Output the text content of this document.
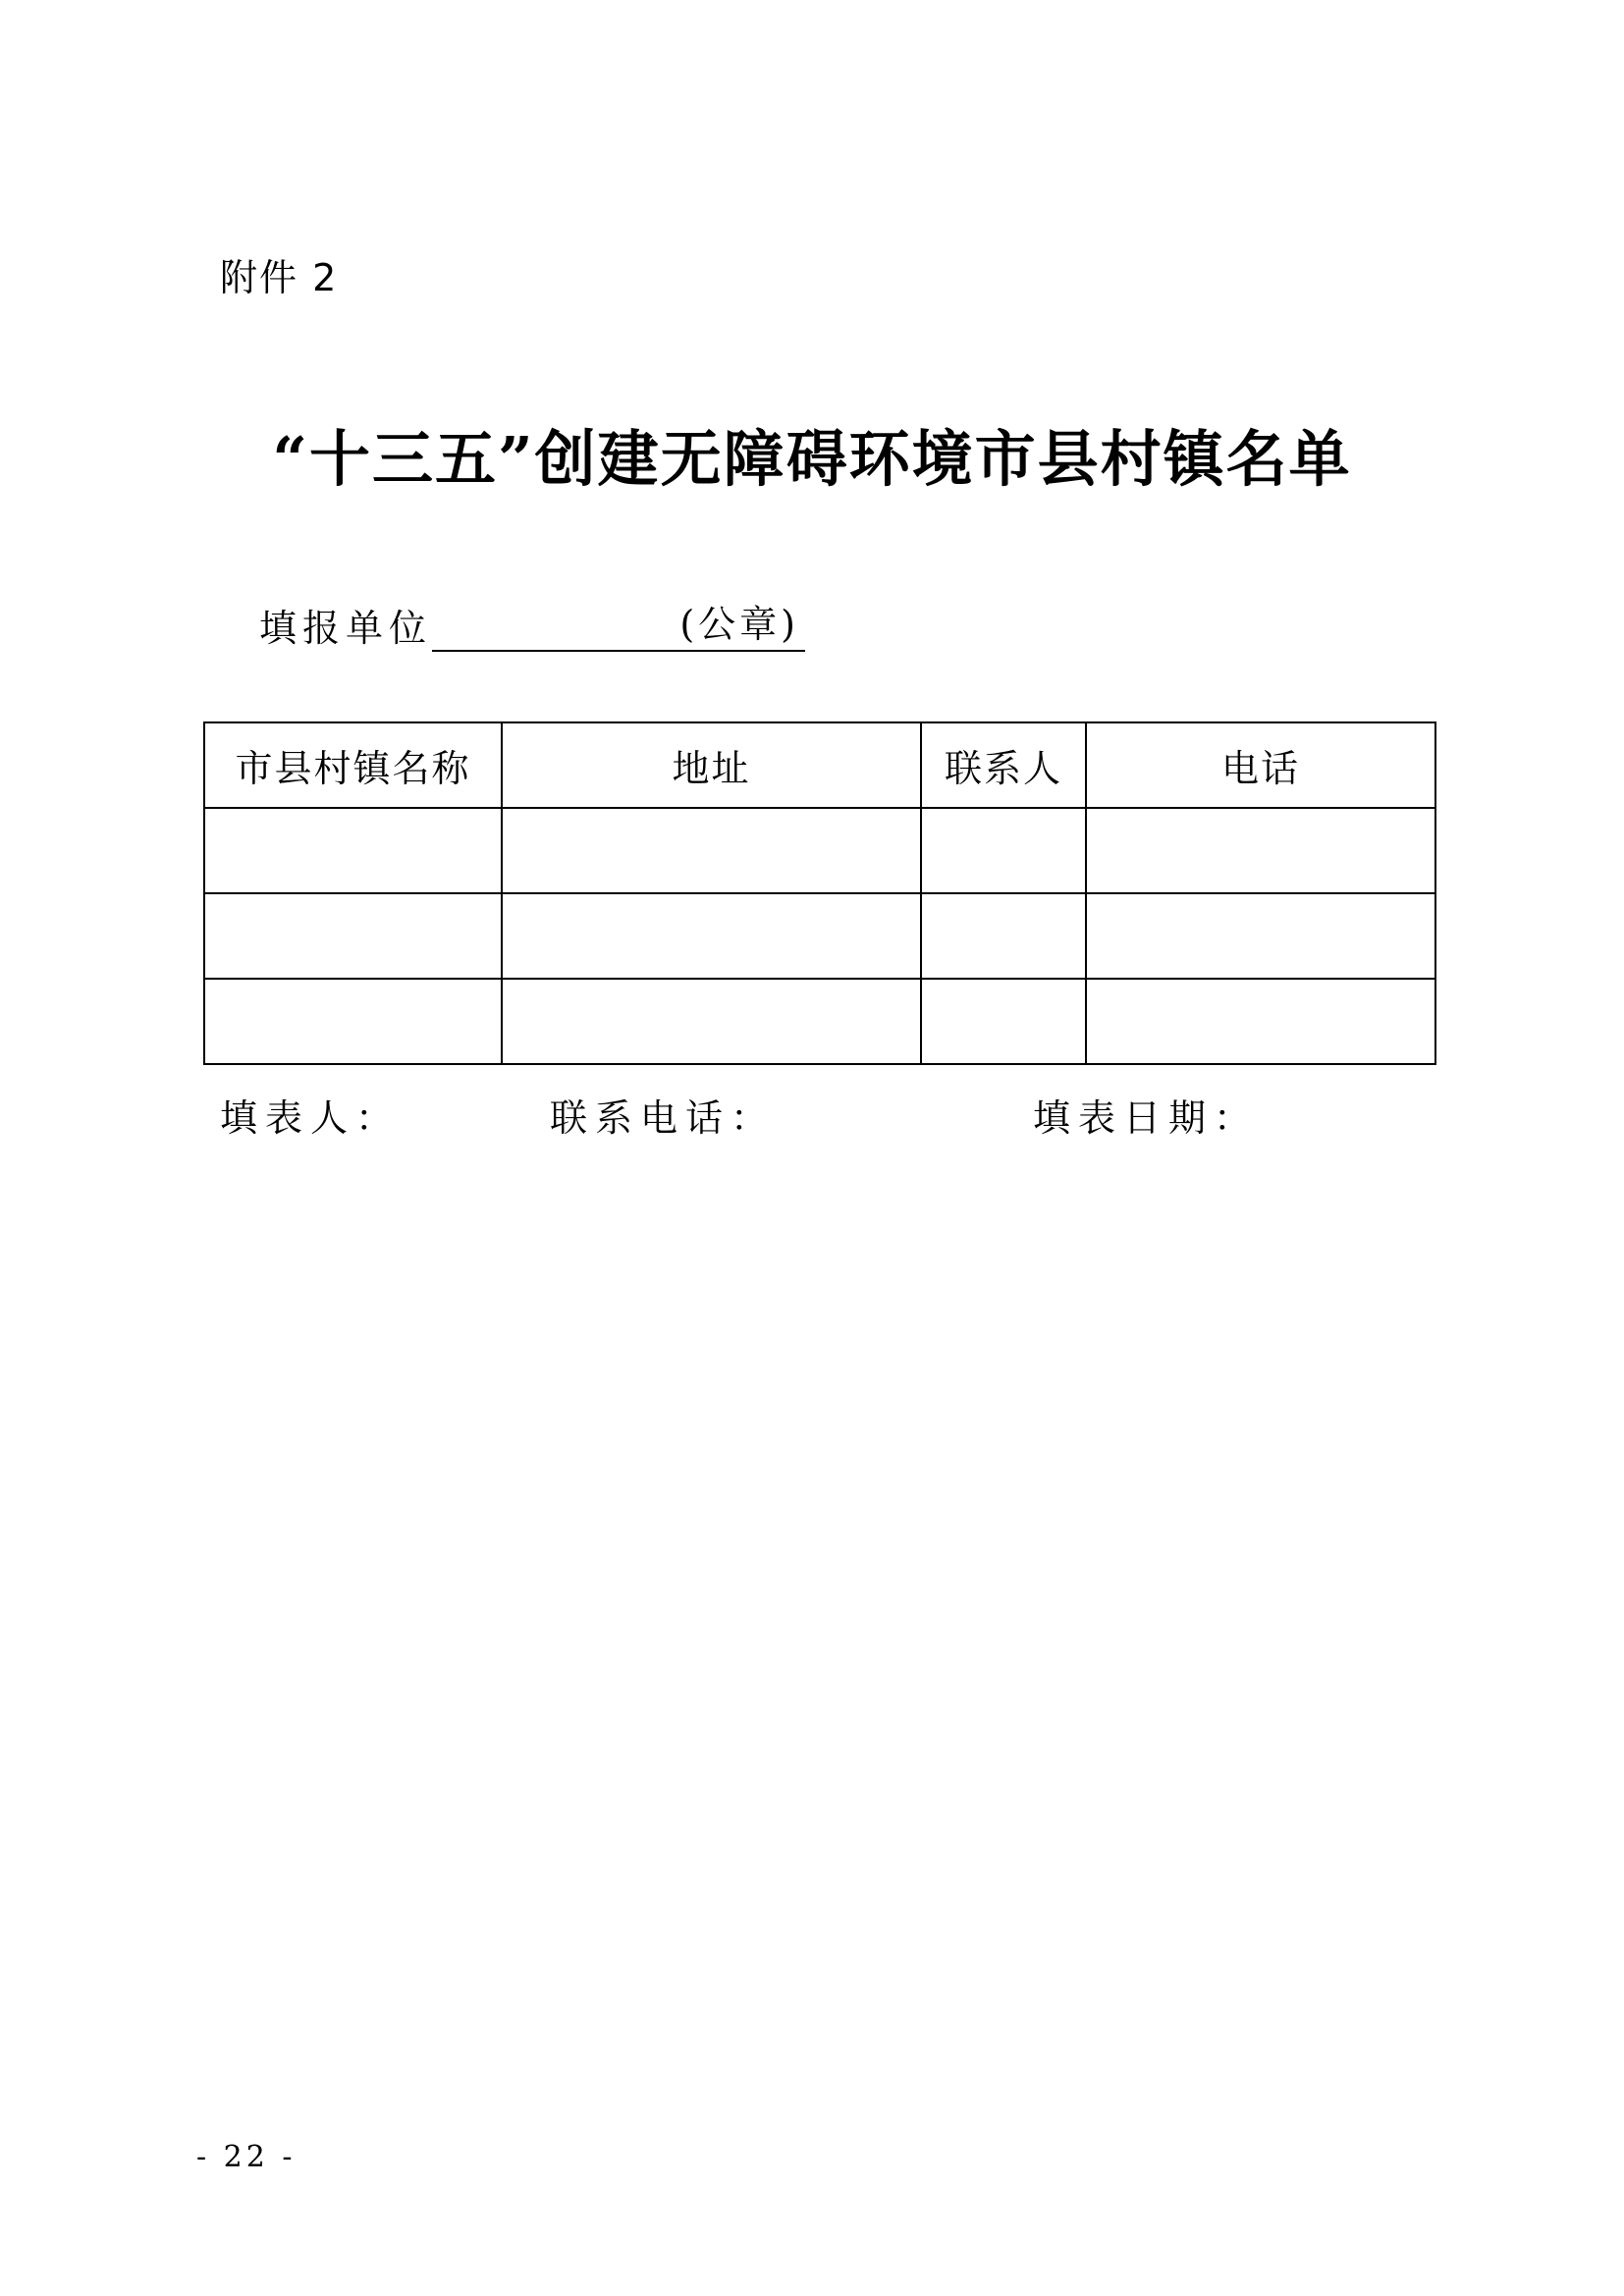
附件 2
“十三五”创建无障碍环境市县村镇名单
填报单位	(公章)
市县村镇名称	地址	联系人	电话

填表人：	联系电话：	填表日期：
- 22 -
